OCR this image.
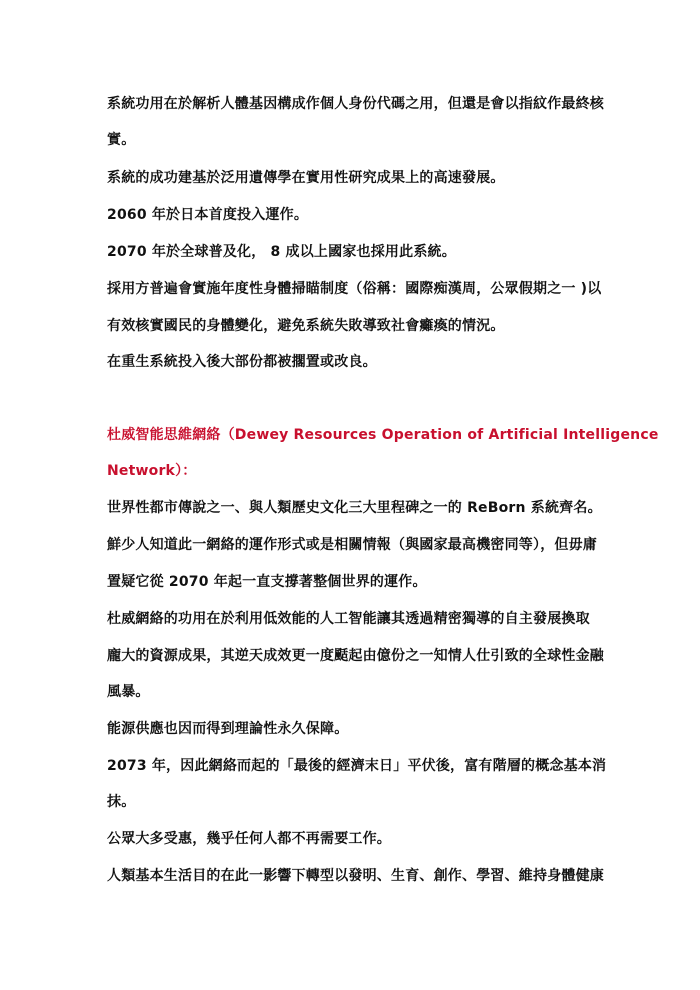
系統功用在於解析人體基因構成作個人身份代碼之用，但還是會以指紋作最終核
實。
系統的成功建基於泛用遺傳學在實用性研究成果上的高速發展。
2060 年於日本首度投入運作。
2070 年於全球普及化， 8 成以上國家也採用此系統。
採用方普遍會實施年度性身體掃瞄制度（俗稱：國際痴漢周，公眾假期之一 )以
有效核實國民的身體變化，避免系統失敗導致社會癱瘓的情況。
在重生系統投入後大部份都被擱置或改良。
杜威智能思維網絡（Dewey Resources Operation of Artificial Intelligence
Network）：
世界性都市傳說之一、與人類歷史文化三大里程碑之一的 ReBorn 系統齊名。
鮮少人知道此一網絡的運作形式或是相關情報（與國家最高機密同等），但毋庸
置疑它從 2070 年起一直支撐著整個世界的運作。
杜威網絡的功用在於利用低效能的人工智能讓其透過精密獨導的自主發展換取
龐大的資源成果，其逆天成效更一度颳起由億份之一知情人仕引致的全球性金融
風暴。
能源供應也因而得到理論性永久保障。
2073 年，因此網絡而起的「最後的經濟末日」平伏後，富有階層的概念基本消
抹。
公眾大多受惠，幾乎任何人都不再需要工作。
人類基本生活目的在此一影響下轉型以發明、生育、創作、學習、維持身體健康
